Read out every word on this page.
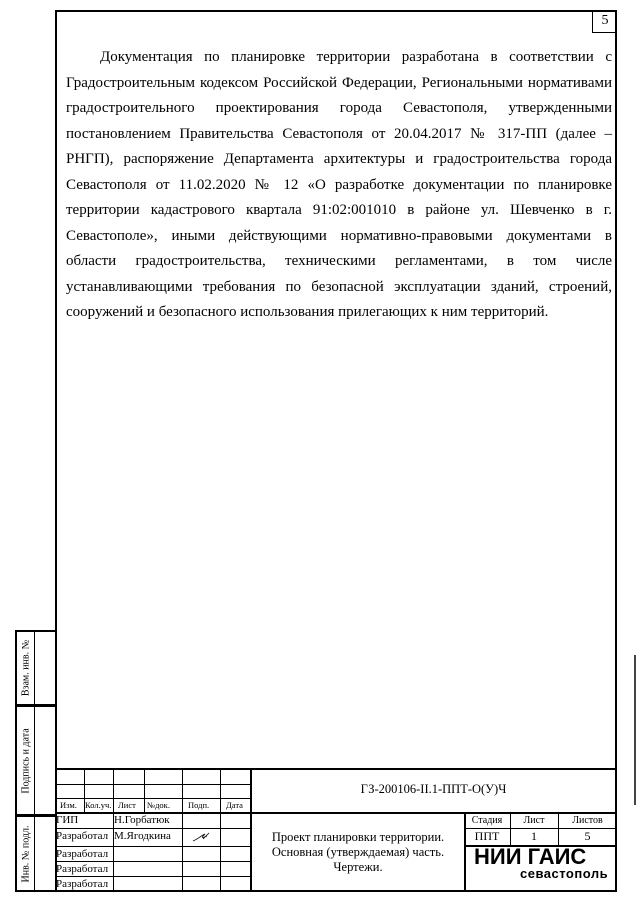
5

Документация по планировке территории разработана в соответствии с Градостроительным кодексом Российской Федерации, Региональными нормативами градостроительного проектирования города Севастополя, утвержденными постановлением Правительства Севастополя от 20.04.2017 № 317-ПП (далее – РНГП), распоряжение Департамента архитектуры и градостроительства города Севастополя от 11.02.2020 № 12 «О разработке документации по планировке территории кадастрового квартала 91:02:001010 в районе ул. Шевченко в г. Севастополе», иными действующими нормативно-правовыми документами в области градостроительства, техническими регламентами, в том числе устанавливающими требования по безопасной эксплуатации зданий, строений, сооружений и безопасного использования прилегающих к ним территорий.

Взам. инв. №
Подпись и дата
Инв. № подл.
Изм. Кол.уч. Лист №док. Подп. Дата
ГИП	Н.Горбатюк
Разработал М.Ягодкина
Разработал
Разработал
Разработал
ГЗ-200106-II.1-ППТ-О(У)Ч
Проект планировки территории.
Основная (утверждаемая) часть.
Чертежи.
Стадия	Лист	Листов
ППТ	1	5
НИИ ГАИС
севастополь
